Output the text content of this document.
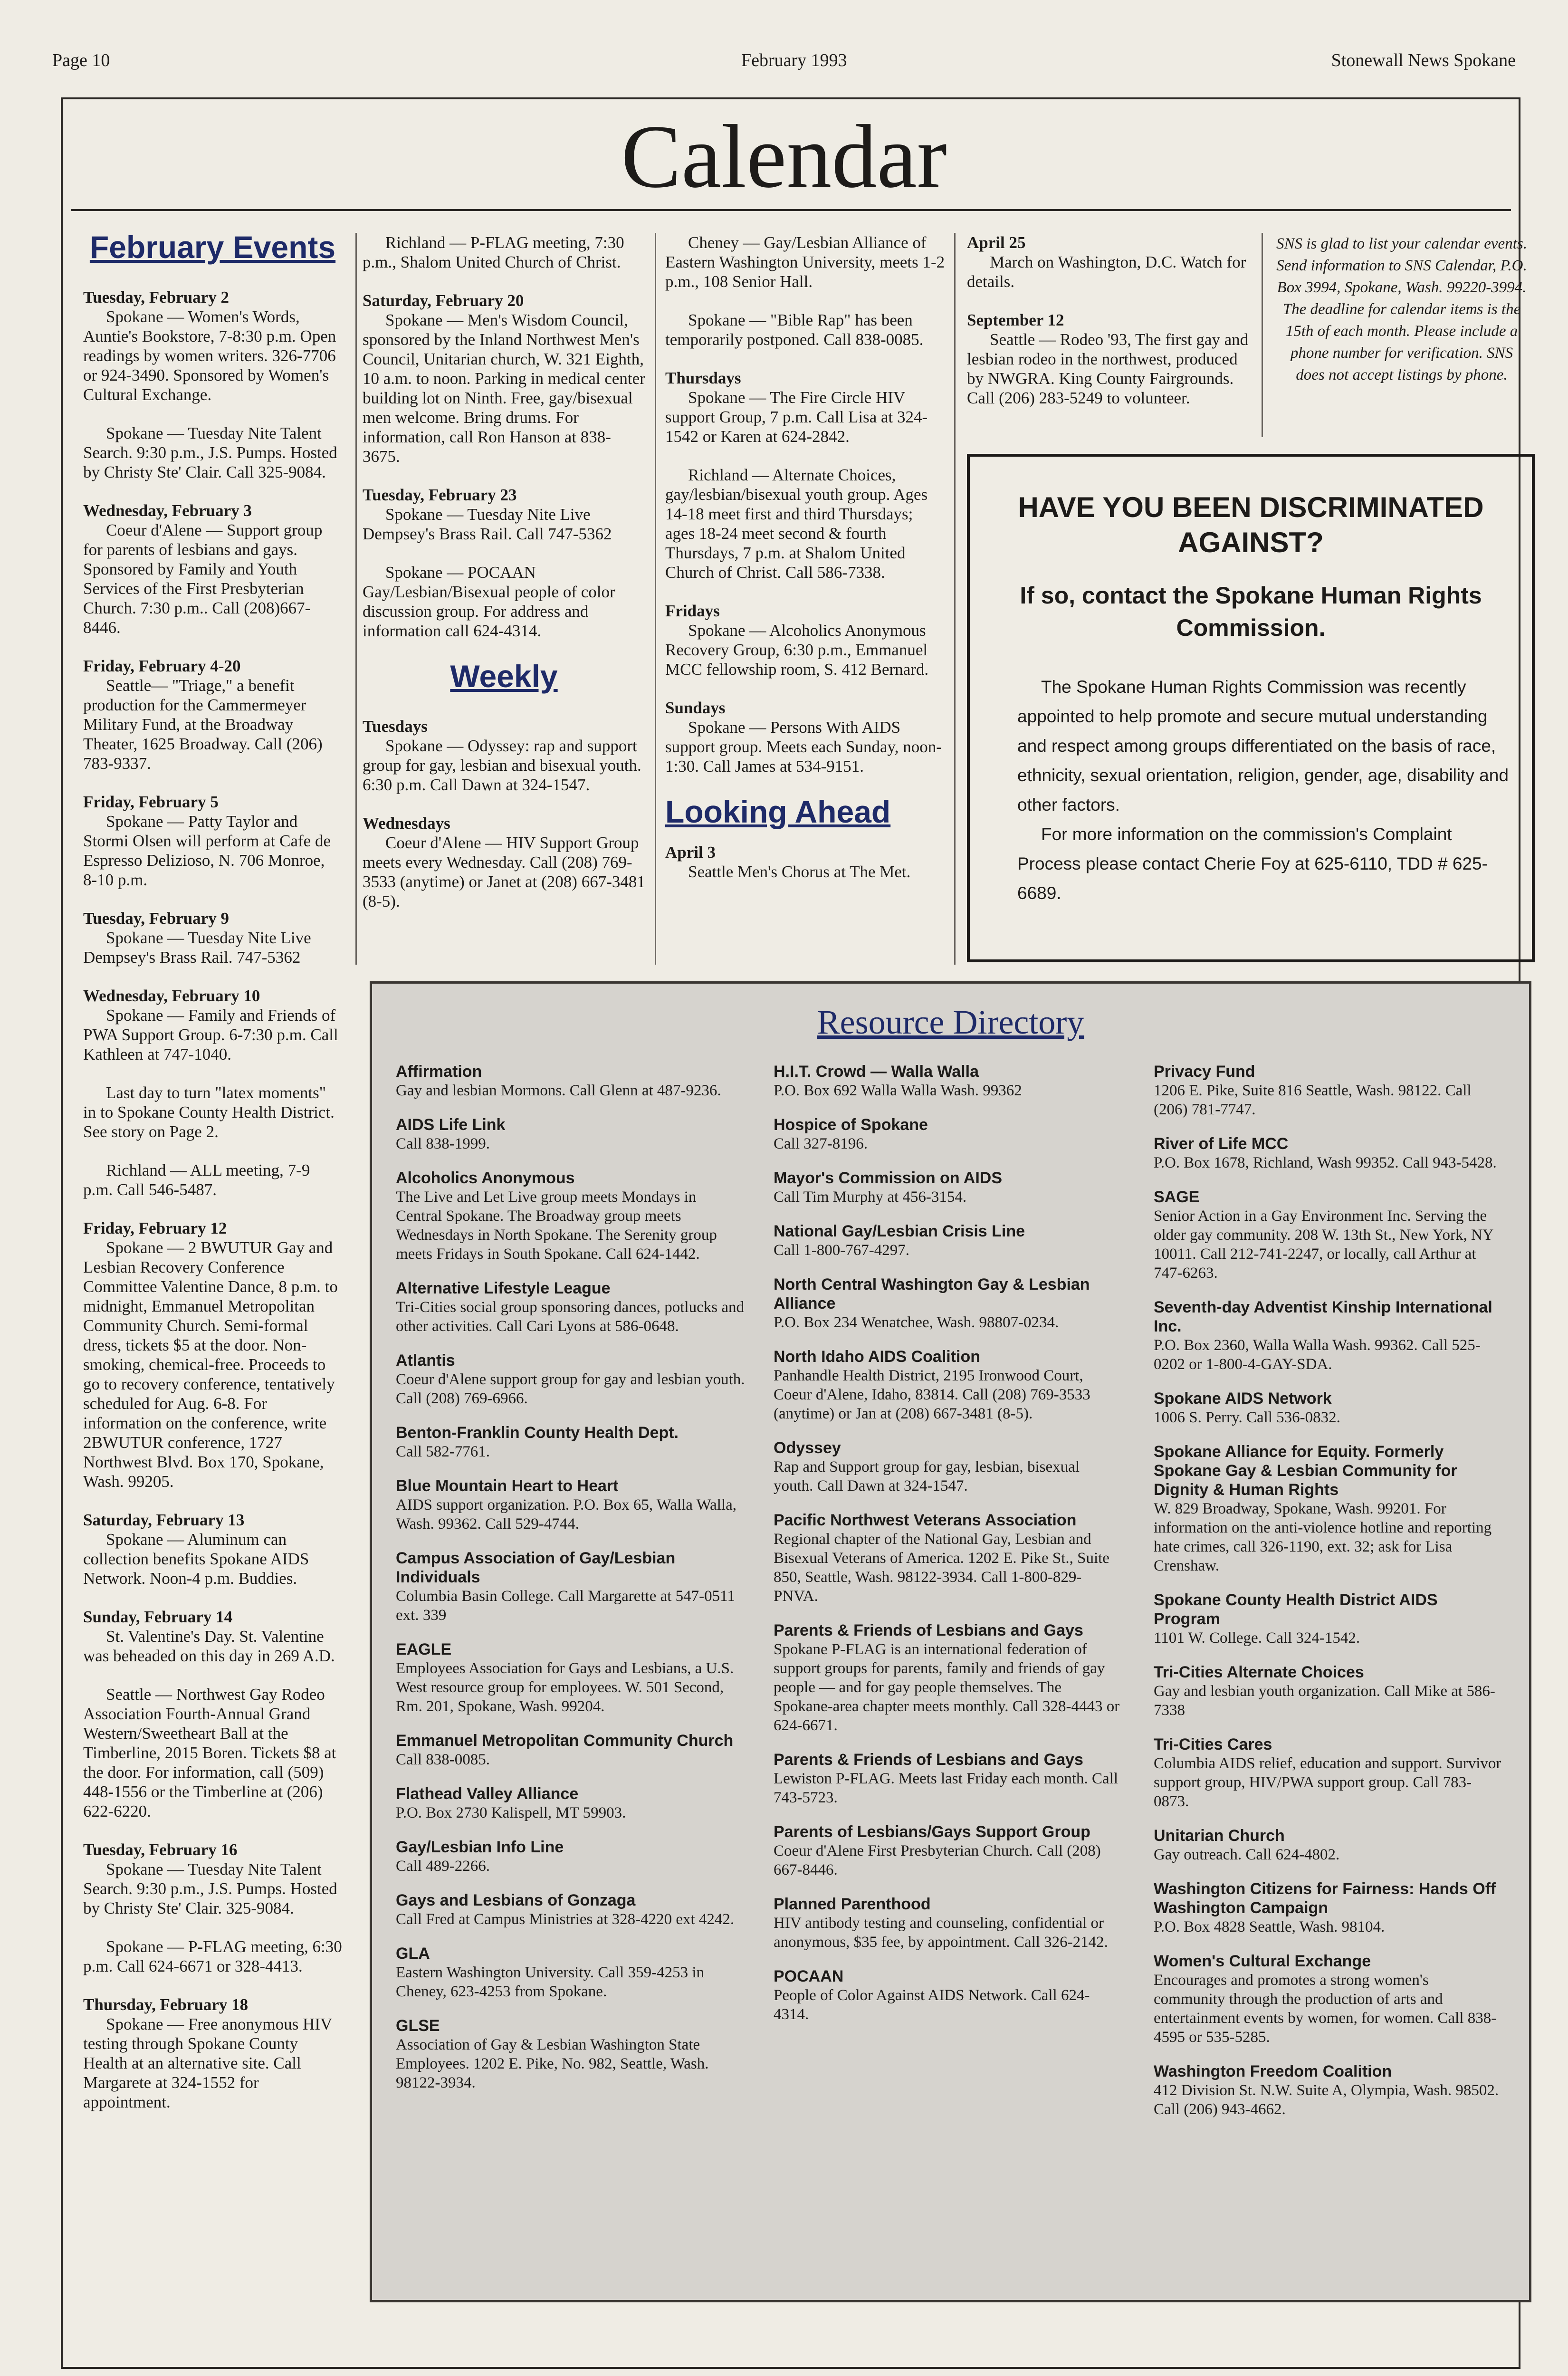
Page 10	February 1993	Stonewall News Spokane
Calendar
February Events

Tuesday, February 2
Spokane — Women's Words, Auntie's Bookstore, 7-8:30 p.m. Open readings by women writers. 326-7706 or 924-3490. Sponsored by Women's Cultural Exchange.

Spokane — Tuesday Nite Talent Search. 9:30 p.m., J.S. Pumps. Hosted by Christy Ste' Clair. Call 325-9084.

Wednesday, February 3
Coeur d'Alene — Support group for parents of lesbians and gays. Sponsored by Family and Youth Services of the First Presbyterian Church. 7:30 p.m.. Call (208)667-8446.

Friday, February 4-20
Seattle— "Triage," a benefit production for the Cammermeyer Military Fund, at the Broadway Theater, 1625 Broadway. Call (206) 783-9337.

Friday, February 5
Spokane — Patty Taylor and Stormi Olsen will perform at Cafe de Espresso Delizioso, N. 706 Monroe, 8-10 p.m.

Tuesday, February 9
Spokane — Tuesday Nite Live Dempsey's Brass Rail. 747-5362

Wednesday, February 10
Spokane — Family and Friends of PWA Support Group. 6-7:30 p.m. Call Kathleen at 747-1040.

Last day to turn "latex moments" in to Spokane County Health District. See story on Page 2.

Richland — ALL meeting, 7-9 p.m. Call 546-5487.

Friday, February 12
Spokane — 2 BWUTUR Gay and Lesbian Recovery Conference Committee Valentine Dance, 8 p.m. to midnight, Emmanuel Metropolitan Community Church. Semi-formal dress, tickets $5 at the door. Non-smoking, chemical-free. Proceeds to go to recovery conference, tentatively scheduled for Aug. 6-8. For information on the conference, write 2BWUTUR conference, 1727 Northwest Blvd. Box 170, Spokane, Wash. 99205.

Saturday, February 13
Spokane — Aluminum can collection benefits Spokane AIDS Network. Noon-4 p.m. Buddies.

Sunday, February 14
St. Valentine's Day. St. Valentine was beheaded on this day in 269 A.D.

Seattle — Northwest Gay Rodeo Association Fourth-Annual Grand Western/Sweetheart Ball at the Timberline, 2015 Boren. Tickets $8 at the door. For information, call (509) 448-1556 or the Timberline at (206) 622-6220.

Tuesday, February 16
Spokane — Tuesday Nite Talent Search. 9:30 p.m., J.S. Pumps. Hosted by Christy Ste' Clair. 325-9084.

Spokane — P-FLAG meeting, 6:30 p.m. Call 624-6671 or 328-4413.

Thursday, February 18
Spokane — Free anonymous HIV testing through Spokane County Health at an alternative site. Call Margarete at 324-1552 for appointment.

Richland — P-FLAG meeting, 7:30 p.m., Shalom United Church of Christ.

Saturday, February 20
Spokane — Men's Wisdom Council, sponsored by the Inland Northwest Men's Council, Unitarian church, W. 321 Eighth, 10 a.m. to noon. Parking in medical center building lot on Ninth. Free, gay/bisexual men welcome. Bring drums. For information, call Ron Hanson at 838-3675.

Tuesday, February 23
Spokane — Tuesday Nite Live Dempsey's Brass Rail. Call 747-5362

Spokane — POCAAN Gay/Lesbian/Bisexual people of color discussion group. For address and information call 624-4314.

Weekly

Tuesdays
Spokane — Odyssey: rap and support group for gay, lesbian and bisexual youth. 6:30 p.m. Call Dawn at 324-1547.

Wednesdays
Coeur d'Alene — HIV Support Group meets every Wednesday. Call (208) 769-3533 (anytime) or Janet at (208) 667-3481 (8-5).

Cheney — Gay/Lesbian Alliance of Eastern Washington University, meets 1-2 p.m., 108 Senior Hall.

Spokane — "Bible Rap" has been temporarily postponed. Call 838-0085.

Thursdays
Spokane — The Fire Circle HIV support Group, 7 p.m. Call Lisa at 324-1542 or Karen at 624-2842.

Richland — Alternate Choices, gay/lesbian/bisexual youth group. Ages 14-18 meet first and third Thursdays; ages 18-24 meet second & fourth Thursdays, 7 p.m. at Shalom United Church of Christ. Call 586-7338.

Fridays
Spokane — Alcoholics Anonymous Recovery Group, 6:30 p.m., Emmanuel MCC fellowship room, S. 412 Bernard.

Sundays
Spokane — Persons With AIDS support group. Meets each Sunday, noon-1:30. Call James at 534-9151.

Looking Ahead

April 3
Seattle Men's Chorus at The Met.

April 25
March on Washington, D.C. Watch for details.

September 12
Seattle — Rodeo '93, The first gay and lesbian rodeo in the northwest, produced by NWGRA. King County Fairgrounds. Call (206) 283-5249 to volunteer.

SNS is glad to list your calendar events. Send information to SNS Calendar, P.O. Box 3994, Spokane, Wash. 99220-3994. The deadline for calendar items is the 15th of each month. Please include a phone number for verification. SNS does not accept listings by phone.
HAVE YOU BEEN DISCRIMINATED AGAINST?
If so, contact the Spokane Human Rights Commission.
The Spokane Human Rights Commission was recently appointed to help promote and secure mutual understanding and respect among groups differentiated on the basis of race, ethnicity, sexual orientation, religion, gender, age, disability and other factors.
For more information on the commission's Complaint Process please contact Cherie Foy at 625-6110, TDD # 625-6689.
Resource Directory
Affirmation
Gay and lesbian Mormons. Call Glenn at 487-9236.
AIDS Life Link
Call 838-1999.
Alcoholics Anonymous
The Live and Let Live group meets Mondays in Central Spokane. The Broadway group meets Wednesdays in North Spokane. The Serenity group meets Fridays in South Spokane. Call 624-1442.
Alternative Lifestyle League
Tri-Cities social group sponsoring dances, potlucks and other activities. Call Cari Lyons at 586-0648.
Atlantis
Coeur d'Alene support group for gay and lesbian youth. Call (208) 769-6966.
Benton-Franklin County Health Dept.
Call 582-7761.
Blue Mountain Heart to Heart
AIDS support organization. P.O. Box 65, Walla Walla, Wash. 99362. Call 529-4744.
Campus Association of Gay/Lesbian Individuals
Columbia Basin College. Call Margarette at 547-0511 ext. 339
EAGLE
Employees Association for Gays and Lesbians, a U.S. West resource group for employees. W. 501 Second, Rm. 201, Spokane, Wash. 99204.
Emmanuel Metropolitan Community Church
Call 838-0085.
Flathead Valley Alliance
P.O. Box 2730 Kalispell, MT 59903.
Gay/Lesbian Info Line
Call 489-2266.
Gays and Lesbians of Gonzaga
Call Fred at Campus Ministries at 328-4220 ext 4242.
GLA
Eastern Washington University. Call 359-4253 in Cheney, 623-4253 from Spokane.
GLSE
Association of Gay & Lesbian Washington State Employees. 1202 E. Pike, No. 982, Seattle, Wash. 98122-3934.
H.I.T. Crowd — Walla Walla
P.O. Box 692 Walla Walla Wash. 99362
Hospice of Spokane
Call 327-8196.
Mayor's Commission on AIDS
Call Tim Murphy at 456-3154.
National Gay/Lesbian Crisis Line
Call 1-800-767-4297.
North Central Washington Gay & Lesbian Alliance
P.O. Box 234 Wenatchee, Wash. 98807-0234.
North Idaho AIDS Coalition
Panhandle Health District, 2195 Ironwood Court, Coeur d'Alene, Idaho, 83814. Call (208) 769-3533 (anytime) or Jan at (208) 667-3481 (8-5).
Odyssey
Rap and Support group for gay, lesbian, bisexual youth. Call Dawn at 324-1547.
Pacific Northwest Veterans Association
Regional chapter of the National Gay, Lesbian and Bisexual Veterans of America. 1202 E. Pike St., Suite 850, Seattle, Wash. 98122-3934. Call 1-800-829-PNVA.
Parents & Friends of Lesbians and Gays
Spokane P-FLAG is an international federation of support groups for parents, family and friends of gay people — and for gay people themselves. The Spokane-area chapter meets monthly. Call 328-4443 or 624-6671.
Parents & Friends of Lesbians and Gays
Lewiston P-FLAG. Meets last Friday each month. Call 743-5723.
Parents of Lesbians/Gays Support Group
Coeur d'Alene First Presbyterian Church. Call (208) 667-8446.
Planned Parenthood
HIV antibody testing and counseling, confidential or anonymous, $35 fee, by appointment. Call 326-2142.
POCAAN
People of Color Against AIDS Network. Call 624-4314.
Privacy Fund
1206 E. Pike, Suite 816 Seattle, Wash. 98122. Call (206) 781-7747.
River of Life MCC
P.O. Box 1678, Richland, Wash 99352. Call 943-5428.
SAGE
Senior Action in a Gay Environment Inc. Serving the older gay community. 208 W. 13th St., New York, NY 10011. Call 212-741-2247, or locally, call Arthur at 747-6263.
Seventh-day Adventist Kinship International Inc.
P.O. Box 2360, Walla Walla Wash. 99362. Call 525-0202 or 1-800-4-GAY-SDA.
Spokane AIDS Network
1006 S. Perry. Call 536-0832.
Spokane Alliance for Equity. Formerly Spokane Gay & Lesbian Community for Dignity & Human Rights
W. 829 Broadway, Spokane, Wash. 99201. For information on the anti-violence hotline and reporting hate crimes, call 326-1190, ext. 32; ask for Lisa Crenshaw.
Spokane County Health District AIDS Program
1101 W. College. Call 324-1542.
Tri-Cities Alternate Choices
Gay and lesbian youth organization. Call Mike at 586-7338
Tri-Cities Cares
Columbia AIDS relief, education and support. Survivor support group, HIV/PWA support group. Call 783-0873.
Unitarian Church
Gay outreach. Call 624-4802.
Washington Citizens for Fairness: Hands Off Washington Campaign
P.O. Box 4828 Seattle, Wash. 98104.
Women's Cultural Exchange
Encourages and promotes a strong women's community through the production of arts and entertainment events by women, for women. Call 838-4595 or 535-5285.
Washington Freedom Coalition
412 Division St. N.W. Suite A, Olympia, Wash. 98502. Call (206) 943-4662.
